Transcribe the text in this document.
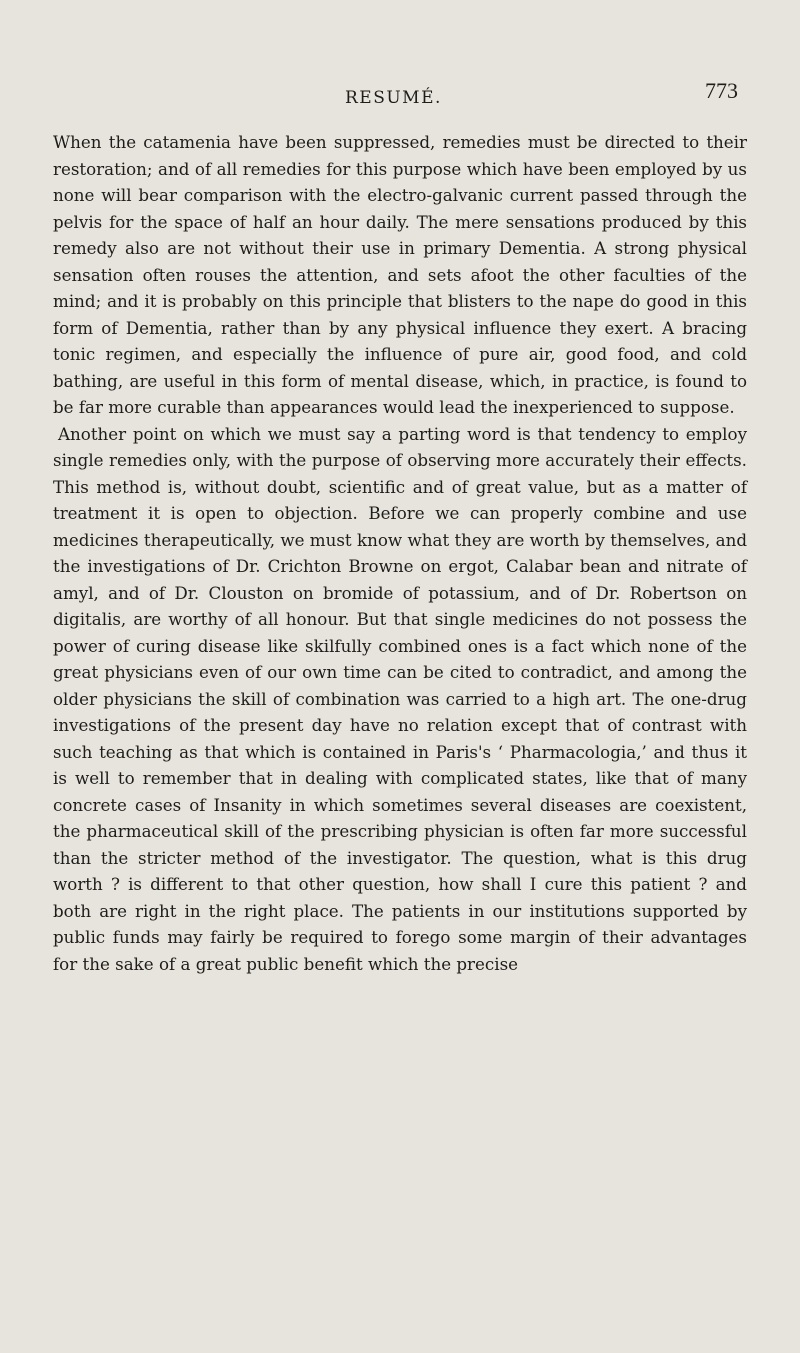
RESUMÉ.	773

When the catamenia have been suppressed, remedies must be directed to their restoration; and of all remedies for this purpose which have been employed by us none will bear comparison with the electro-galvanic current passed through the pelvis for the space of half an hour daily. The mere sensations produced by this remedy also are not without their use in primary Dementia. A strong physical sensation often rouses the attention, and sets afoot the other faculties of the mind; and it is probably on this principle that blisters to the nape do good in this form of Dementia, rather than by any physical influence they exert. A bracing tonic regimen, and especially the influence of pure air, good food, and cold bathing, are useful in this form of mental disease, which, in practice, is found to be far more curable than appearances would lead the inexperienced to suppose.

Another point on which we must say a parting word is that tendency to employ single remedies only, with the purpose of observing more accurately their effects. This method is, without doubt, scientific and of great value, but as a matter of treatment it is open to objection. Before we can properly combine and use medicines therapeutically, we must know what they are worth by themselves, and the investigations of Dr. Crichton Browne on ergot, Calabar bean and nitrate of amyl, and of Dr. Clouston on bromide of potassium, and of Dr. Robertson on digitalis, are worthy of all honour. But that single medicines do not possess the power of curing disease like skilfully combined ones is a fact which none of the great physicians even of our own time can be cited to contradict, and among the older physicians the skill of combination was carried to a high art. The one-drug investigations of the present day have no relation except that of contrast with such teaching as that which is contained in Paris's ‘ Pharmacologia,’ and thus it is well to remember that in dealing with complicated states, like that of many concrete cases of Insanity in which sometimes several diseases are coexistent, the pharmaceutical skill of the prescribing physician is often far more successful than the stricter method of the investigator. The question, what is this drug worth ? is different to that other question, how shall I cure this patient ? and both are right in the right place. The patients in our institutions supported by public funds may fairly be required to forego some margin of their advantages for the sake of a great public benefit which the precise
